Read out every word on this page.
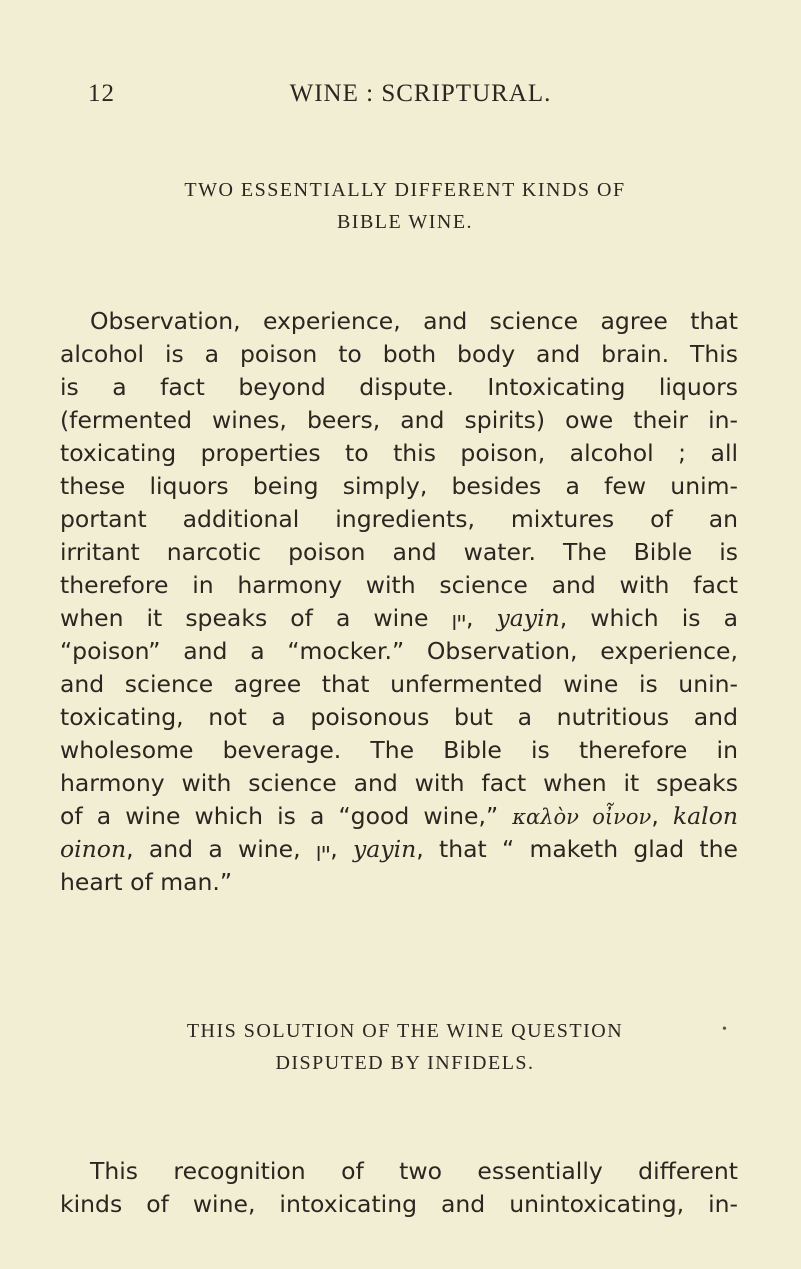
12	WINE : SCRIPTURAL.
TWO ESSENTIALLY DIFFERENT KINDS OF
BIBLE WINE.
Observation, experience, and science agree that
alcohol is a poison to both body and brain. This
is a fact beyond dispute. Intoxicating liquors
(fermented wines, beers, and spirits) owe their in-
toxicating properties to this poison, alcohol ; all
these liquors being simply, besides a few unim-
portant additional ingredients, mixtures of an
irritant narcotic poison and water. The Bible is
therefore in harmony with science and with fact
when it speaks of a wine יין, yayin, which is a
“poison” and a “mocker.” Observation, experience,
and science agree that unfermented wine is unin-
toxicating, not a poisonous but a nutritious and
wholesome beverage. The Bible is therefore in
harmony with science and with fact when it speaks
of a wine which is a “good wine,” καλὸν οἶνον, kalon
oinon, and a wine, יין, yayin, that “ maketh glad the
heart of man.”
THIS SOLUTION OF THE WINE QUESTION
DISPUTED BY INFIDELS.
•
This recognition of two essentially different
kinds of wine, intoxicating and unintoxicating, in-
